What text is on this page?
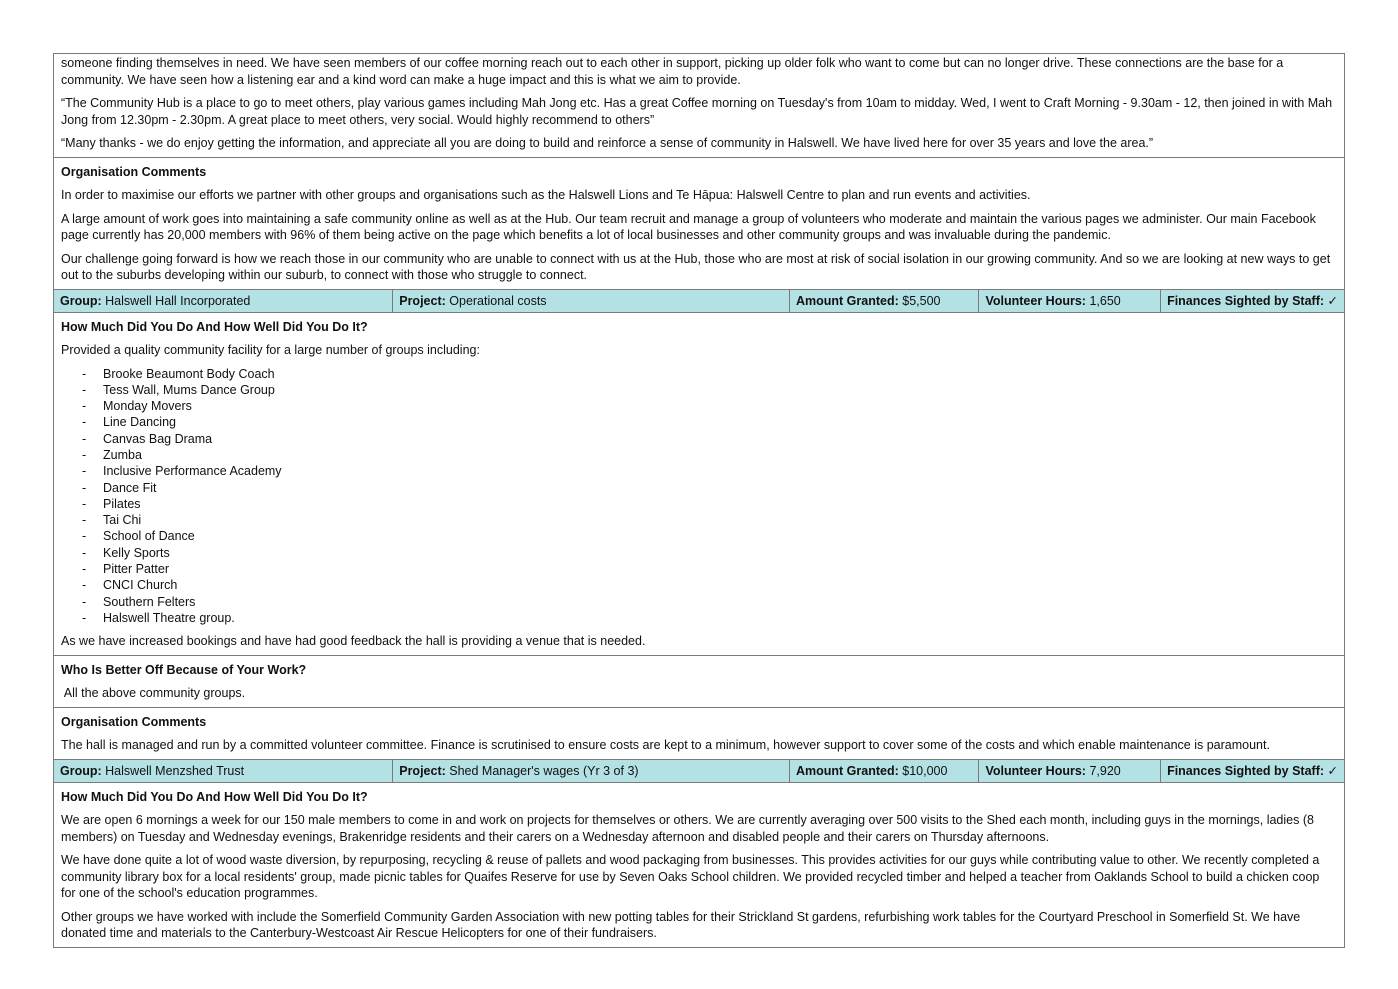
someone finding themselves in need. We have seen members of our coffee morning reach out to each other in support, picking up older folk who want to come but can no longer drive. These connections are the base for a community. We have seen how a listening ear and a kind word can make a huge impact and this is what we aim to provide.

“The Community Hub is a place to go to meet others, play various games including Mah Jong etc. Has a great Coffee morning on Tuesday's from 10am to midday. Wed, I went to Craft Morning - 9.30am - 12, then joined in with Mah Jong from 12.30pm - 2.30pm. A great place to meet others, very social. Would highly recommend to others”

“Many thanks - we do enjoy getting the information, and appreciate all you are doing to build and reinforce a sense of community in Halswell. We have lived here for over 35 years and love the area.”

Organisation Comments

In order to maximise our efforts we partner with other groups and organisations such as the Halswell Lions and Te Hāpua: Halswell Centre to plan and run events and activities.

A large amount of work goes into maintaining a safe community online as well as at the Hub. Our team recruit and manage a group of volunteers who moderate and maintain the various pages we administer. Our main Facebook page currently has 20,000 members with 96% of them being active on the page which benefits a lot of local businesses and other community groups and was invaluable during the pandemic.

Our challenge going forward is how we reach those in our community who are unable to connect with us at the Hub, those who are most at risk of social isolation in our growing community. And so we are looking at new ways to get out to the suburbs developing within our suburb, to connect with those who struggle to connect.

Group: Halswell Hall Incorporated	Project: Operational costs	Amount Granted: $5,500	Volunteer Hours: 1,650	Finances Sighted by Staff: ✓
How Much Did You Do And How Well Did You Do It?

Provided a quality community facility for a large number of groups including:

- Brooke Beaumont Body Coach
- Tess Wall, Mums Dance Group
- Monday Movers
- Line Dancing
- Canvas Bag Drama
- Zumba
- Inclusive Performance Academy
- Dance Fit
- Pilates
- Tai Chi
- School of Dance
- Kelly Sports
- Pitter Patter
- CNCI Church
- Southern Felters
- Halswell Theatre group.

As we have increased bookings and have had good feedback the hall is providing a venue that is needed.

Who Is Better Off Because of Your Work?

All the above community groups.

Organisation Comments

The hall is managed and run by a committed volunteer committee. Finance is scrutinised to ensure costs are kept to a minimum, however support to cover some of the costs and which enable maintenance is paramount.

Group: Halswell Menzshed Trust	Project: Shed Manager's wages (Yr 3 of 3)	Amount Granted: $10,000	Volunteer Hours: 7,920	Finances Sighted by Staff: ✓
How Much Did You Do And How Well Did You Do It?

We are open 6 mornings a week for our 150 male members to come in and work on projects for themselves or others. We are currently averaging over 500 visits to the Shed each month, including guys in the mornings, ladies (8 members) on Tuesday and Wednesday evenings, Brakenridge residents and their carers on a Wednesday afternoon and disabled people and their carers on Thursday afternoons.

We have done quite a lot of wood waste diversion, by repurposing, recycling & reuse of pallets and wood packaging from businesses. This provides activities for our guys while contributing value to other. We recently completed a community library box for a local residents' group, made picnic tables for Quaifes Reserve for use by Seven Oaks School children. We provided recycled timber and helped a teacher from Oaklands School to build a chicken coop for one of the school's education programmes.

Other groups we have worked with include the Somerfield Community Garden Association with new potting tables for their Strickland St gardens, refurbishing work tables for the Courtyard Preschool in Somerfield St. We have donated time and materials to the Canterbury-Westcoast Air Rescue Helicopters for one of their fundraisers.
